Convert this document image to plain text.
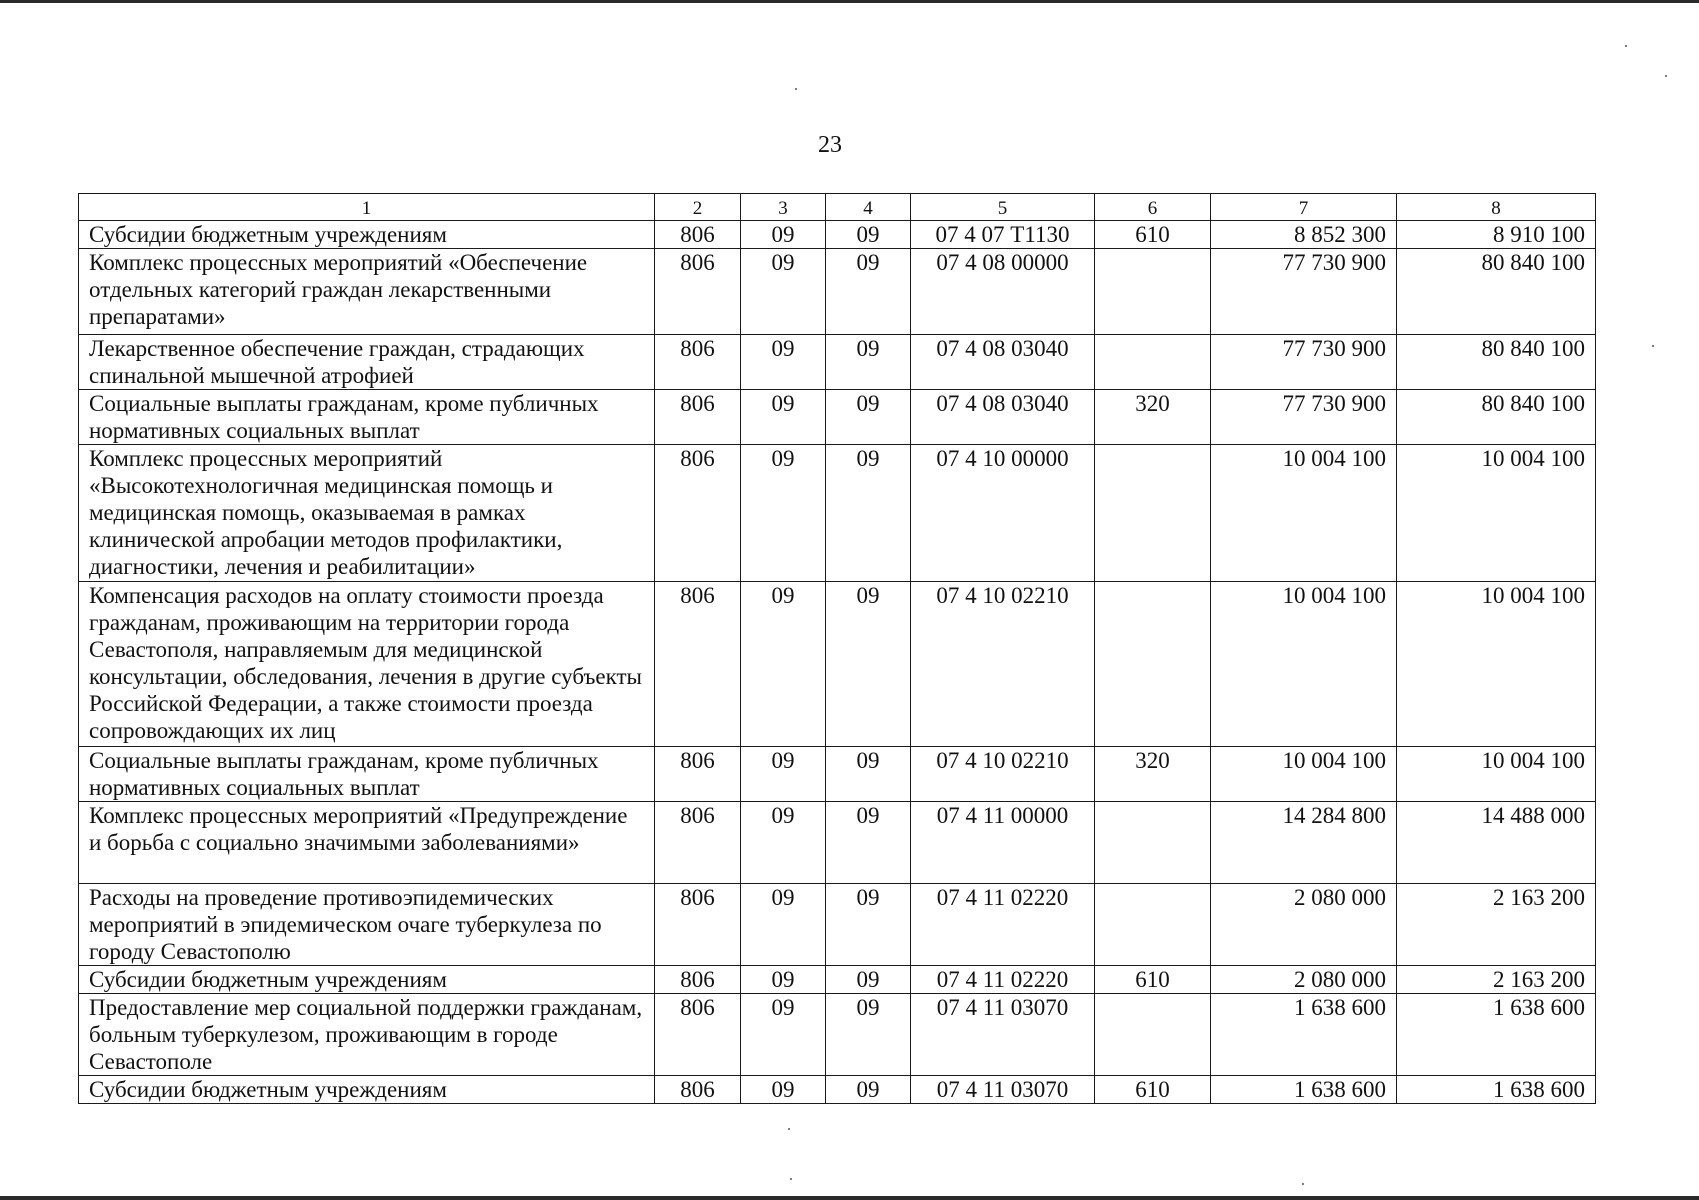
23
1	2	3	4	5	6	7	8
Субсидии бюджетным учреждениям	806	09	09	07 4 07 Т1130	610	8 852 300	8 910 100
Комплекс процессных мероприятий «Обеспечение отдельных категорий граждан лекарственными препаратами»	806	09	09	07 4 08 00000		77 730 900	80 840 100
Лекарственное обеспечение граждан, страдающих спинальной мышечной атрофией	806	09	09	07 4 08 03040		77 730 900	80 840 100
Социальные выплаты гражданам, кроме публичных нормативных социальных выплат	806	09	09	07 4 08 03040	320	77 730 900	80 840 100
Комплекс процессных мероприятий «Высокотехнологичная медицинская помощь и медицинская помощь, оказываемая в рамках клинической апробации методов профилактики, диагностики, лечения и реабилитации»	806	09	09	07 4 10 00000		10 004 100	10 004 100
Компенсация расходов на оплату стоимости проезда гражданам, проживающим на территории города Севастополя, направляемым для медицинской консультации, обследования, лечения в другие субъекты Российской Федерации, а также стоимости проезда сопровождающих их лиц	806	09	09	07 4 10 02210		10 004 100	10 004 100
Социальные выплаты гражданам, кроме публичных нормативных социальных выплат	806	09	09	07 4 10 02210	320	10 004 100	10 004 100
Комплекс процессных мероприятий «Предупреждение и борьба с социально значимыми заболеваниями»	806	09	09	07 4 11 00000		14 284 800	14 488 000
Расходы на проведение противоэпидемических мероприятий в эпидемическом очаге туберкулеза по городу Севастополю	806	09	09	07 4 11 02220		2 080 000	2 163 200
Субсидии бюджетным учреждениям	806	09	09	07 4 11 02220	610	2 080 000	2 163 200
Предоставление мер социальной поддержки гражданам, больным туберкулезом, проживающим в городе Севастополе	806	09	09	07 4 11 03070		1 638 600	1 638 600
Субсидии бюджетным учреждениям	806	09	09	07 4 11 03070	610	1 638 600	1 638 600
